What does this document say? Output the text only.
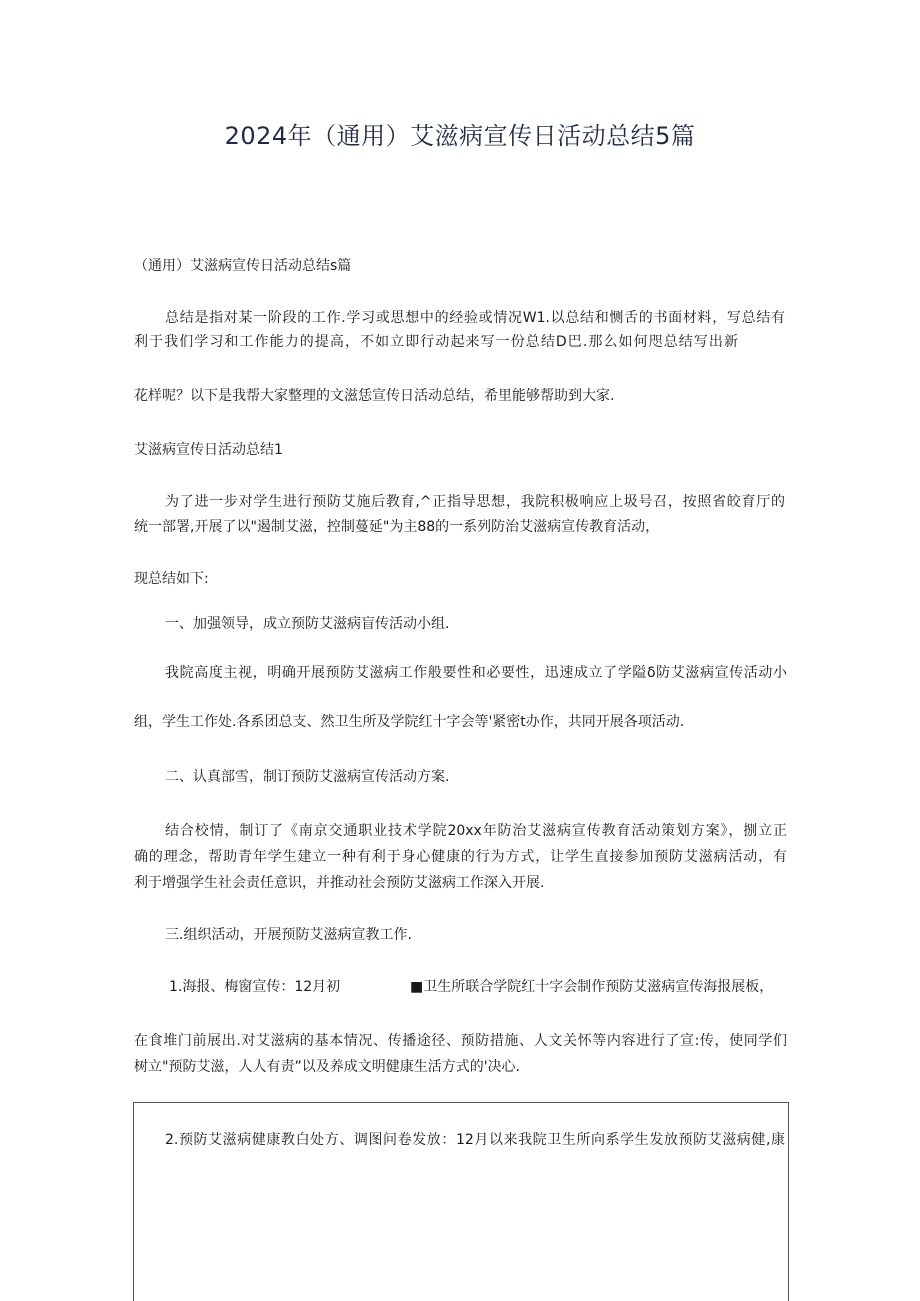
2024年（通用）艾滋病宣传日活动总结5篇
（通用）艾滋病宣传日活动总结s篇
总结是指对某一阶段的工作.学习或思想中的经验或情况W1.以总结和恻舌的书面材料，写总结有
利于我们学习和工作能力的提高，不如立即行动起来写一份总结D巴.那么如何咫总结写出新
花样呢？以下是我帮大家整理的文滋恁宣传日活动总结，希里能够帮助到大家.
艾滋病宣传日活动总结1
为了进一步对学生进行预防艾施后教育,^正指导思想，我院积极响应上圾号召，按照省皎育厅的
统一部署,开展了以"遏制艾滋，控制蔓延"为主88的一系列防治艾滋病宣传教育活动，
现总结如下:
一、加强领导，成立预防艾滋病盲传活动小组.
我院高度主视，明确开展预防艾滋病工作般要性和必要性，迅速成立了学隘δ防艾滋病宣传活动小
组，学生工作处.各系团总支、然卫生所及学院红十字会等'紧密t办作，共同开展各项活动.
二、认真部雪，制订预防艾滋病宣传活动方案.
结合校情，制订了《南京交通职业技术学院20xx年防治艾滋病宣传教育活动策划方案》，捌立正
确的理念，帮助青年学生建立一种有利于身心健康的行为方式，让学生直接参加预防艾滋病活动，有
利于增强学生社会责任意识，并推动社会预防艾滋病工作深入开展.
三.组织活动，开展预防艾滋病宣教工作.
1.海报、梅窗宣传：12月初	■卫生所联合学院红十字会制作预防艾滋病宣传海报展板，
在食堆门前展出.对艾滋病的基本情况、传播途径、预防措施、人文关怀等内容进行了宣:传，使同学们
树立"预防艾滋，人人有责”以及养成文明健康生活方式的'决心.
2.预防艾滋病健康教白处方、调图问卷发放：12月以来我院卫生所向系学生发放预防艾滋病健,康
